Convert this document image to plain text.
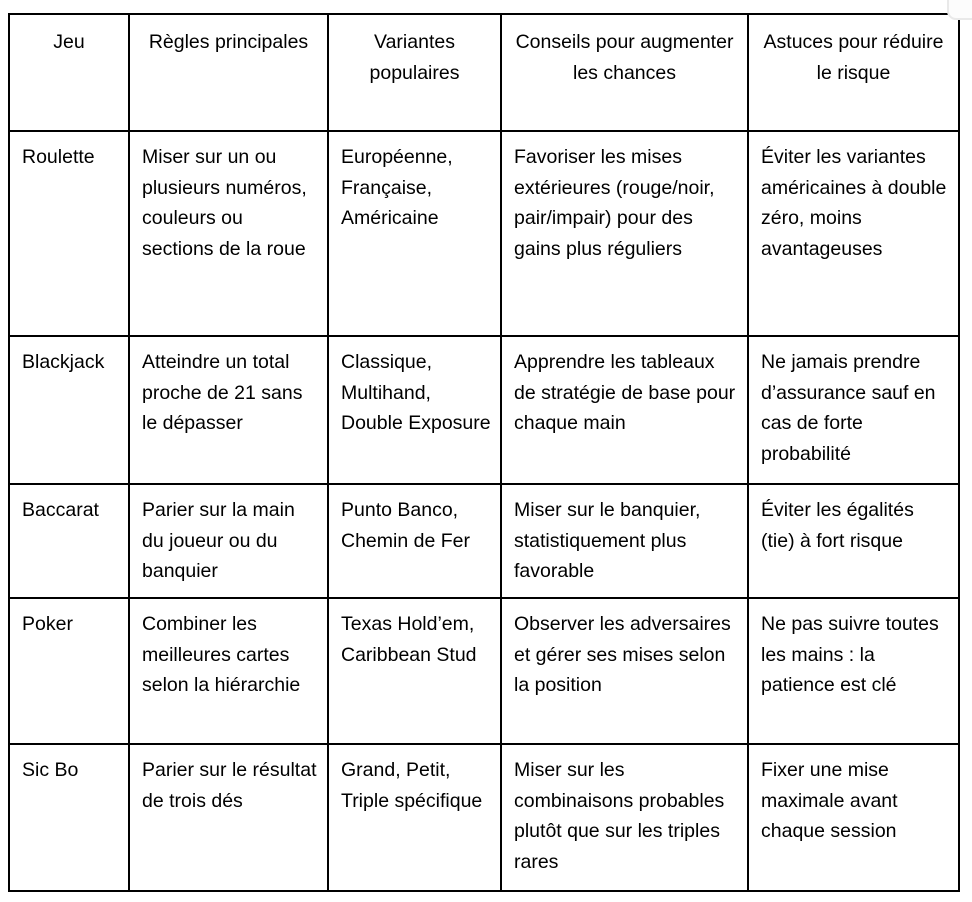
Jeu	Règles principales	Variantes populaires	Conseils pour augmenter les chances	Astuces pour réduire le risque
Roulette	Miser sur un ou plusieurs numéros, couleurs ou sections de la roue	Européenne, Française, Américaine	Favoriser les mises extérieures (rouge/noir, pair/impair) pour des gains plus réguliers	Éviter les variantes américaines à double zéro, moins avantageuses
Blackjack	Atteindre un total proche de 21 sans le dépasser	Classique, Multihand, Double Exposure	Apprendre les tableaux de stratégie de base pour chaque main	Ne jamais prendre d’assurance sauf en cas de forte probabilité
Baccarat	Parier sur la main du joueur ou du banquier	Punto Banco, Chemin de Fer	Miser sur le banquier, statistiquement plus favorable	Éviter les égalités (tie) à fort risque
Poker	Combiner les meilleures cartes selon la hiérarchie	Texas Hold’em, Caribbean Stud	Observer les adversaires et gérer ses mises selon la position	Ne pas suivre toutes les mains : la patience est clé
Sic Bo	Parier sur le résultat de trois dés	Grand, Petit, Triple spécifique	Miser sur les combinaisons probables plutôt que sur les triples rares	Fixer une mise maximale avant chaque session
